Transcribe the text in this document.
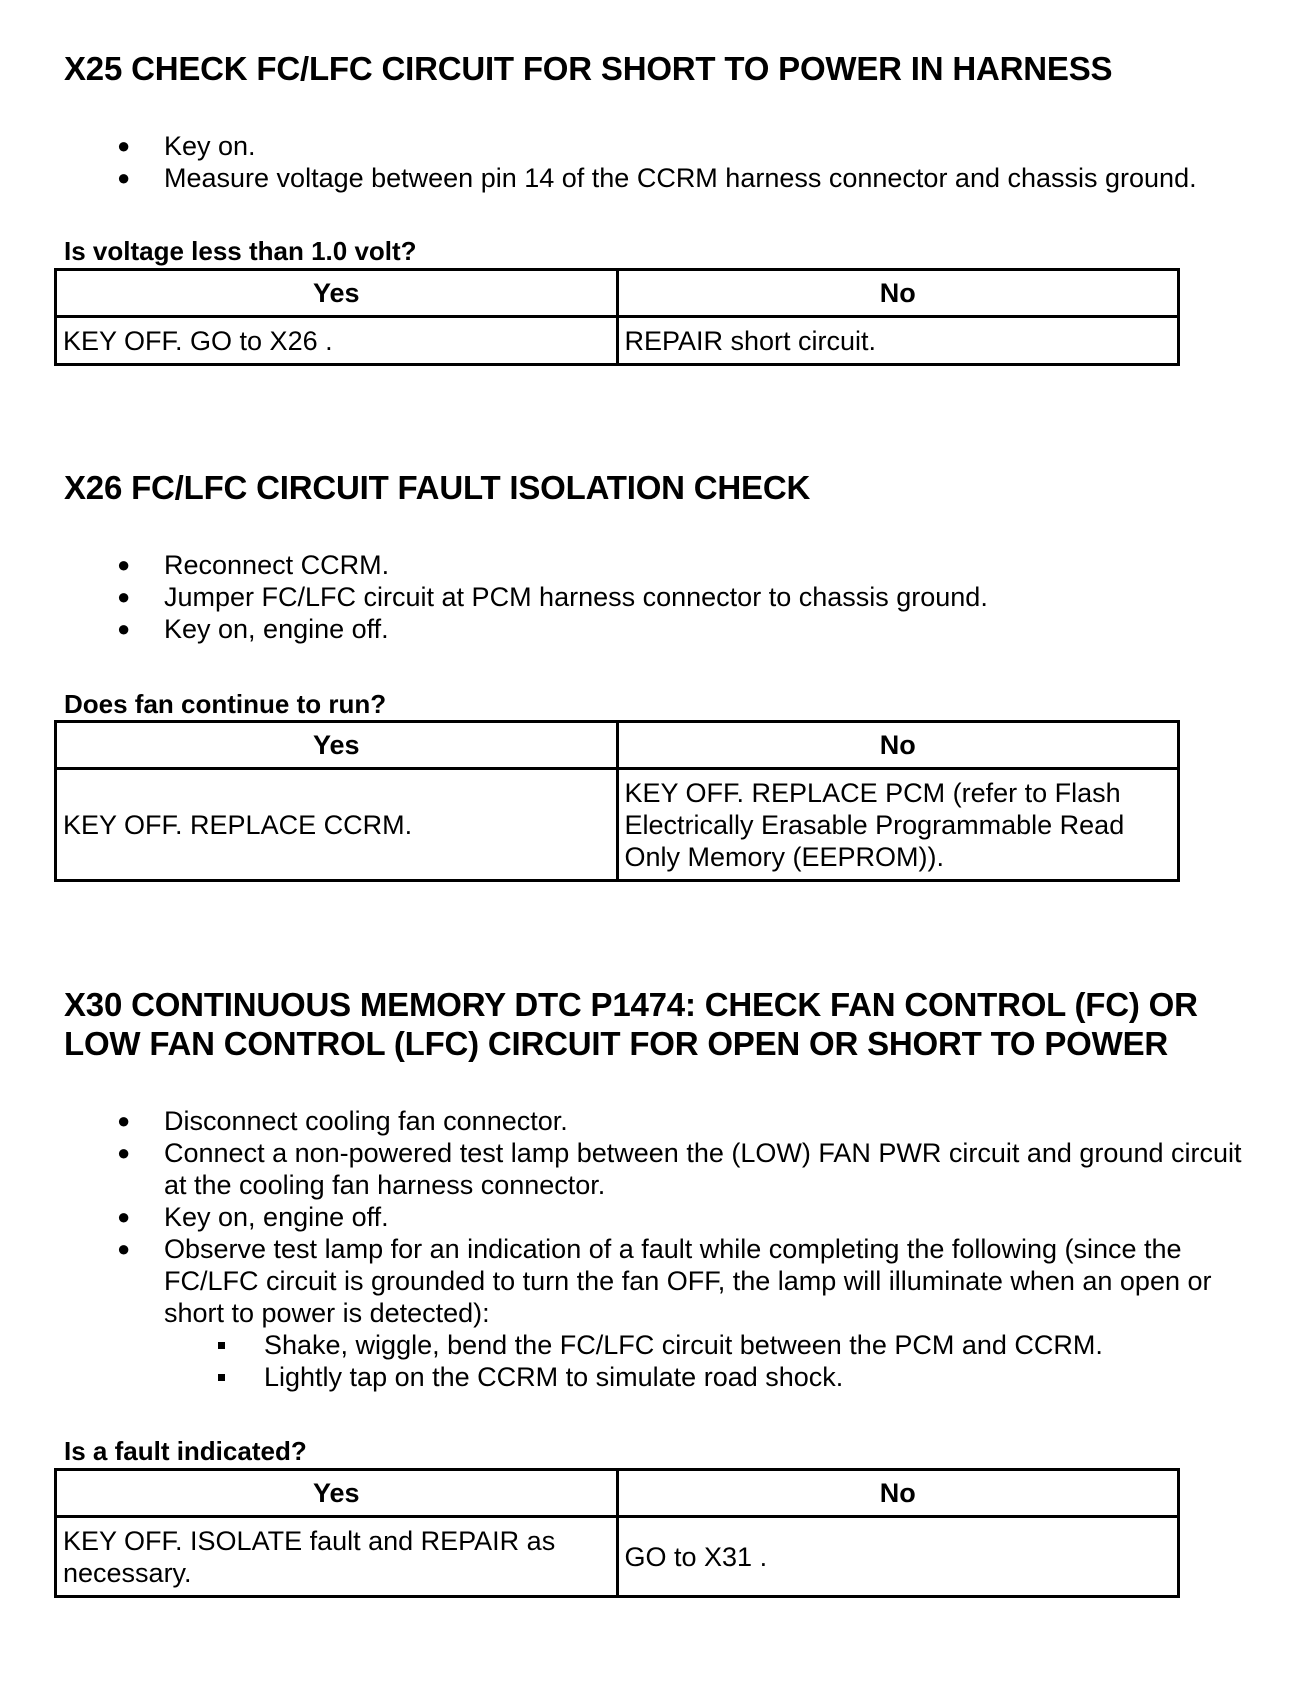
X25 CHECK FC/LFC CIRCUIT FOR SHORT TO POWER IN HARNESS
● Key on.
● Measure voltage between pin 14 of the CCRM harness connector and chassis ground.

Is voltage less than 1.0 volt?

Yes	No
KEY OFF. GO to X26 .	REPAIR short circuit.
X26 FC/LFC CIRCUIT FAULT ISOLATION CHECK
● Reconnect CCRM.
● Jumper FC/LFC circuit at PCM harness connector to chassis ground.
● Key on, engine off.

Does fan continue to run?

Yes	No
KEY OFF. REPLACE CCRM.	KEY OFF. REPLACE PCM (refer to Flash Electrically Erasable Programmable Read Only Memory (EEPROM)).
X30 CONTINUOUS MEMORY DTC P1474: CHECK FAN CONTROL (FC) OR
LOW FAN CONTROL (LFC) CIRCUIT FOR OPEN OR SHORT TO POWER
● Disconnect cooling fan connector.
● Connect a non-powered test lamp between the (LOW) FAN PWR circuit and ground circuit at the cooling fan harness connector.
● Key on, engine off.
● Observe test lamp for an indication of a fault while completing the following (since the FC/LFC circuit is grounded to turn the fan OFF, the lamp will illuminate when an open or short to power is detected):
Shake, wiggle, bend the FC/LFC circuit between the PCM and CCRM.
Lightly tap on the CCRM to simulate road shock.

Is a fault indicated?

Yes	No
KEY OFF. ISOLATE fault and REPAIR as necessary.	GO to X31 .
